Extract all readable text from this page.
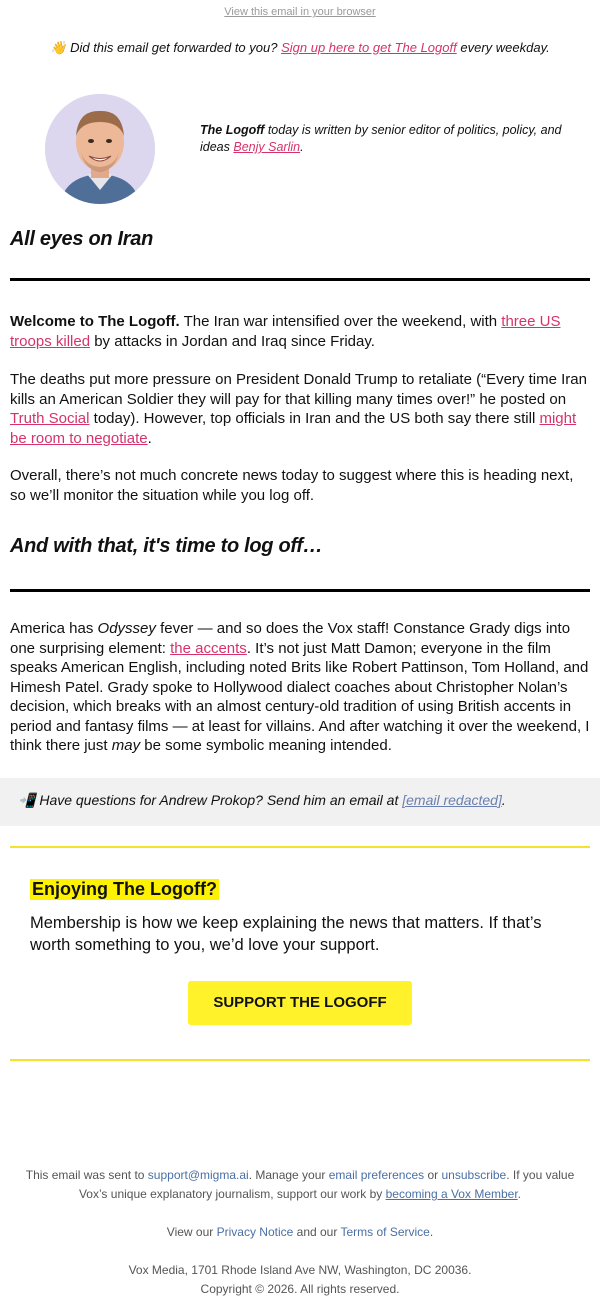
View this email in your browser
👋 Did this email get forwarded to you? Sign up here to get The Logoff every weekday.
The Logoff today is written by senior editor of politics, policy, and ideas Benjy Sarlin.
All eyes on Iran
Welcome to The Logoff. The Iran war intensified over the weekend, with three US troops killed by attacks in Jordan and Iraq since Friday.
The deaths put more pressure on President Donald Trump to retaliate (“Every time Iran kills an American Soldier they will pay for that killing many times over!” he posted on Truth Social today). However, top officials in Iran and the US both say there still might be room to negotiate.
Overall, there’s not much concrete news today to suggest where this is heading next, so we’ll monitor the situation while you log off.
And with that, it's time to log off…
America has Odyssey fever — and so does the Vox staff! Constance Grady digs into one surprising element: the accents. It’s not just Matt Damon; everyone in the film speaks American English, including noted Brits like Robert Pattinson, Tom Holland, and Himesh Patel. Grady spoke to Hollywood dialect coaches about Christopher Nolan’s decision, which breaks with an almost century-old tradition of using British accents in period and fantasy films — at least for villains. And after watching it over the weekend, I think there just may be some symbolic meaning intended.
📲 Have questions for Andrew Prokop? Send him an email at [email redacted].
Enjoying The Logoff?
Membership is how we keep explaining the news that matters. If that’s worth something to you, we’d love your support.
SUPPORT THE LOGOFF
This email was sent to support@migma.ai. Manage your email preferences or unsubscribe. If you value Vox’s unique explanatory journalism, support our work by becoming a Vox Member.
View our Privacy Notice and our Terms of Service.
Vox Media, 1701 Rhode Island Ave NW, Washington, DC 20036.
Copyright © 2026. All rights reserved.
